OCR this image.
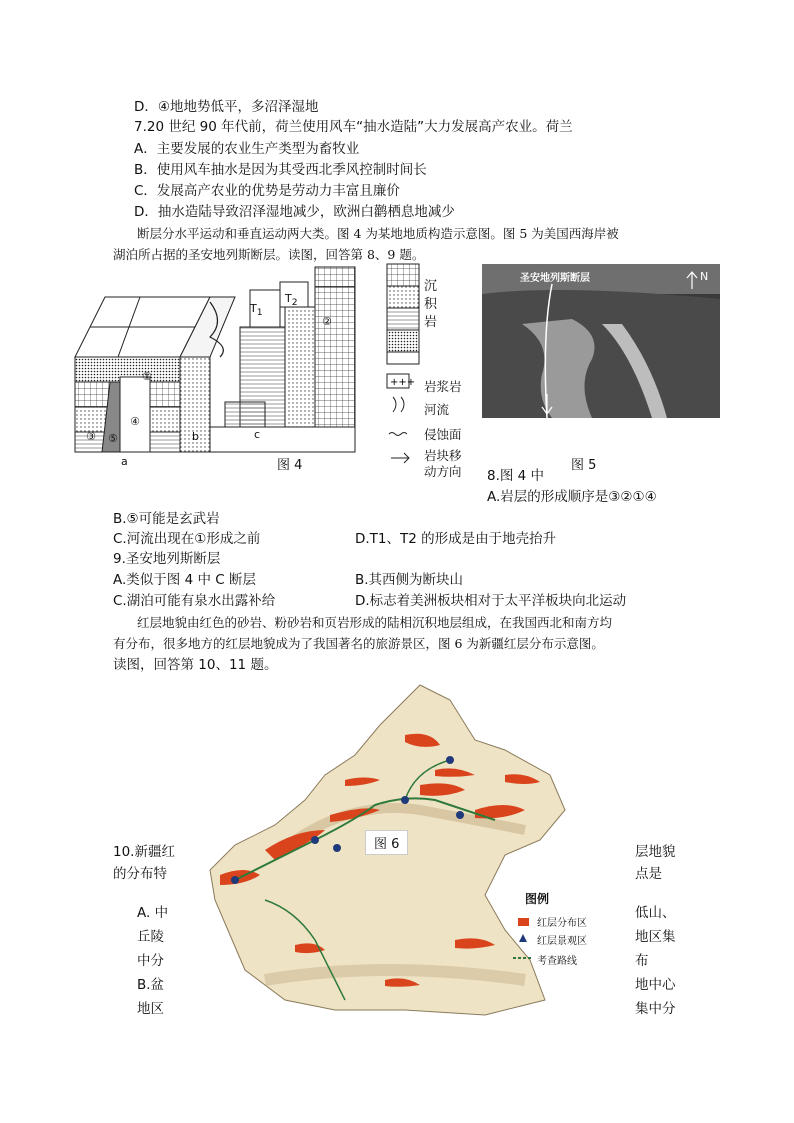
D．④地地势低平，多沼泽湿地
7.20 世纪 90 年代前，荷兰使用风车“抽水造陆”大力发展高产农业。荷兰
A．主要发展的农业生产类型为畜牧业
B．使用风车抽水是因为其受西北季风控制时间长
C．发展高产农业的优势是劳动力丰富且廉价
D．抽水造陆导致沼泽湿地减少，欧洲白鹳栖息地减少
断层分水平运动和垂直运动两大类。图 4 为某地地质构造示意图。图 5 为美国西海岸被
湖泊所占据的圣安地列斯断层。读图，回答第 8、9 题。
$T_1$
$T_2$
①
②
③
④
⑤
a
b	c
图 4
+++
沉
积
岩
岩浆岩
河流
侵蚀面
岩块移
动方向
圣安地列斯断层	N
图 5
8.图 4 中
A.岩层的形成顺序是③②①④
B.⑤可能是玄武岩
C.河流出现在①形成之前	D.T1、T2 的形成是由于地壳抬升
9.圣安地列斯断层
A.类似于图 4 中 C 断层	B.其西侧为断块山
C.湖泊可能有泉水出露补给	D.标志着美洲板块相对于太平洋板块向北运动
红层地貌由红色的砂岩、粉砂岩和页岩形成的陆相沉积地层组成，在我国西北和南方均
有分布，很多地方的红层地貌成为了我国著名的旅游景区，图 6 为新疆红层分布示意图。
读图，回答第 10、11 题。
图 6
图例
红层分布区
红层景观区
考查路线
10.新疆红	层地貌
的分布特	点是
A. 中	低山、
丘陵	地区集
中分	布
B.盆	地中心
地区	集中分
